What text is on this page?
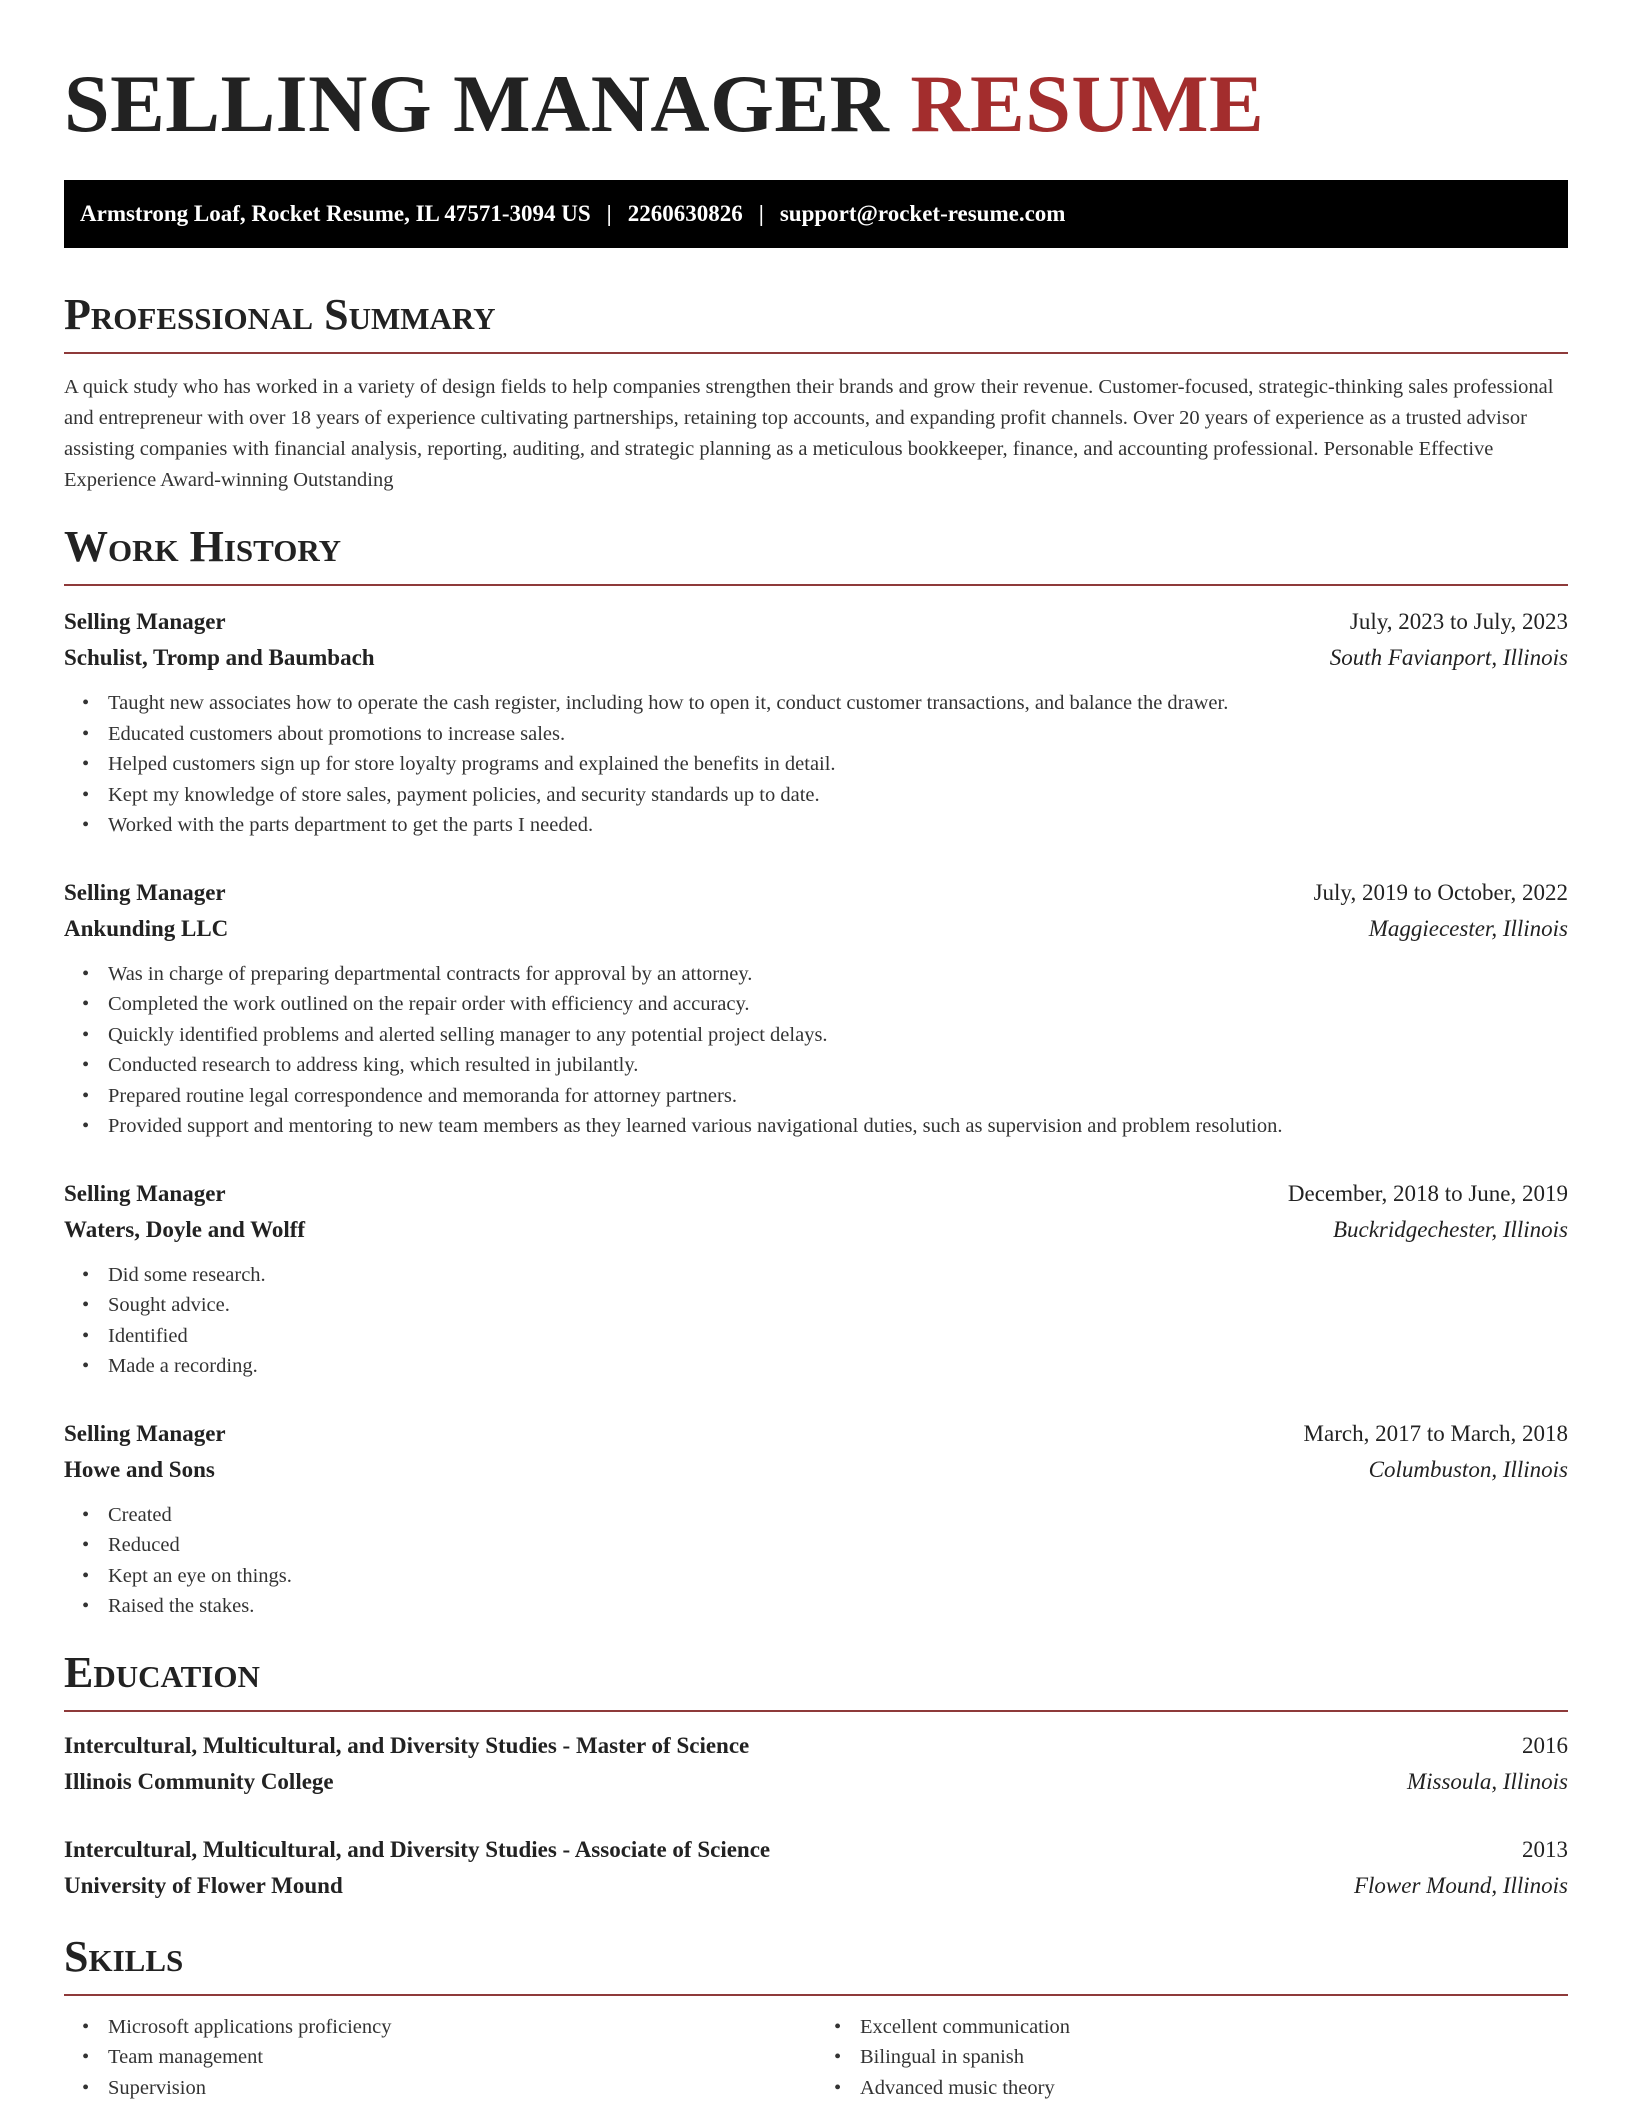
SELLING MANAGER RESUME
Armstrong Loaf, Rocket Resume, IL 47571-3094 US | 2260630826 | support@rocket-resume.com
Professional Summary

A quick study who has worked in a variety of design fields to help companies strengthen their brands and grow their revenue. Customer-focused, strategic-thinking sales professional and entrepreneur with over 18 years of experience cultivating partnerships, retaining top accounts, and expanding profit channels. Over 20 years of experience as a trusted advisor assisting companies with financial analysis, reporting, auditing, and strategic planning as a meticulous bookkeeper, finance, and accounting professional. Personable Effective Experience Award-winning Outstanding

Work History
Selling Manager	July, 2023 to July, 2023
Schulist, Tromp and Baumbach	South Favianport, Illinois
• Taught new associates how to operate the cash register, including how to open it, conduct customer transactions, and balance the drawer.
• Educated customers about promotions to increase sales.
• Helped customers sign up for store loyalty programs and explained the benefits in detail.
• Kept my knowledge of store sales, payment policies, and security standards up to date.
• Worked with the parts department to get the parts I needed.
Selling Manager	July, 2019 to October, 2022
Ankunding LLC	Maggiecester, Illinois
• Was in charge of preparing departmental contracts for approval by an attorney.
• Completed the work outlined on the repair order with efficiency and accuracy.
• Quickly identified problems and alerted selling manager to any potential project delays.
• Conducted research to address king, which resulted in jubilantly.
• Prepared routine legal correspondence and memoranda for attorney partners.
• Provided support and mentoring to new team members as they learned various navigational duties, such as supervision and problem resolution.
Selling Manager	December, 2018 to June, 2019
Waters, Doyle and Wolff	Buckridgechester, Illinois
• Did some research.
• Sought advice.
• Identified
• Made a recording.
Selling Manager	March, 2017 to March, 2018
Howe and Sons	Columbuston, Illinois
• Created
• Reduced
• Kept an eye on things.
• Raised the stakes.
Education
Intercultural, Multicultural, and Diversity Studies - Master of Science	2016
Illinois Community College	Missoula, Illinois
Intercultural, Multicultural, and Diversity Studies - Associate of Science	2013
University of Flower Mound	Flower Mound, Illinois
Skills
• Microsoft applications proficiency
• Team management
• Supervision
• Excellent communication
• Bilingual in spanish
• Advanced music theory
